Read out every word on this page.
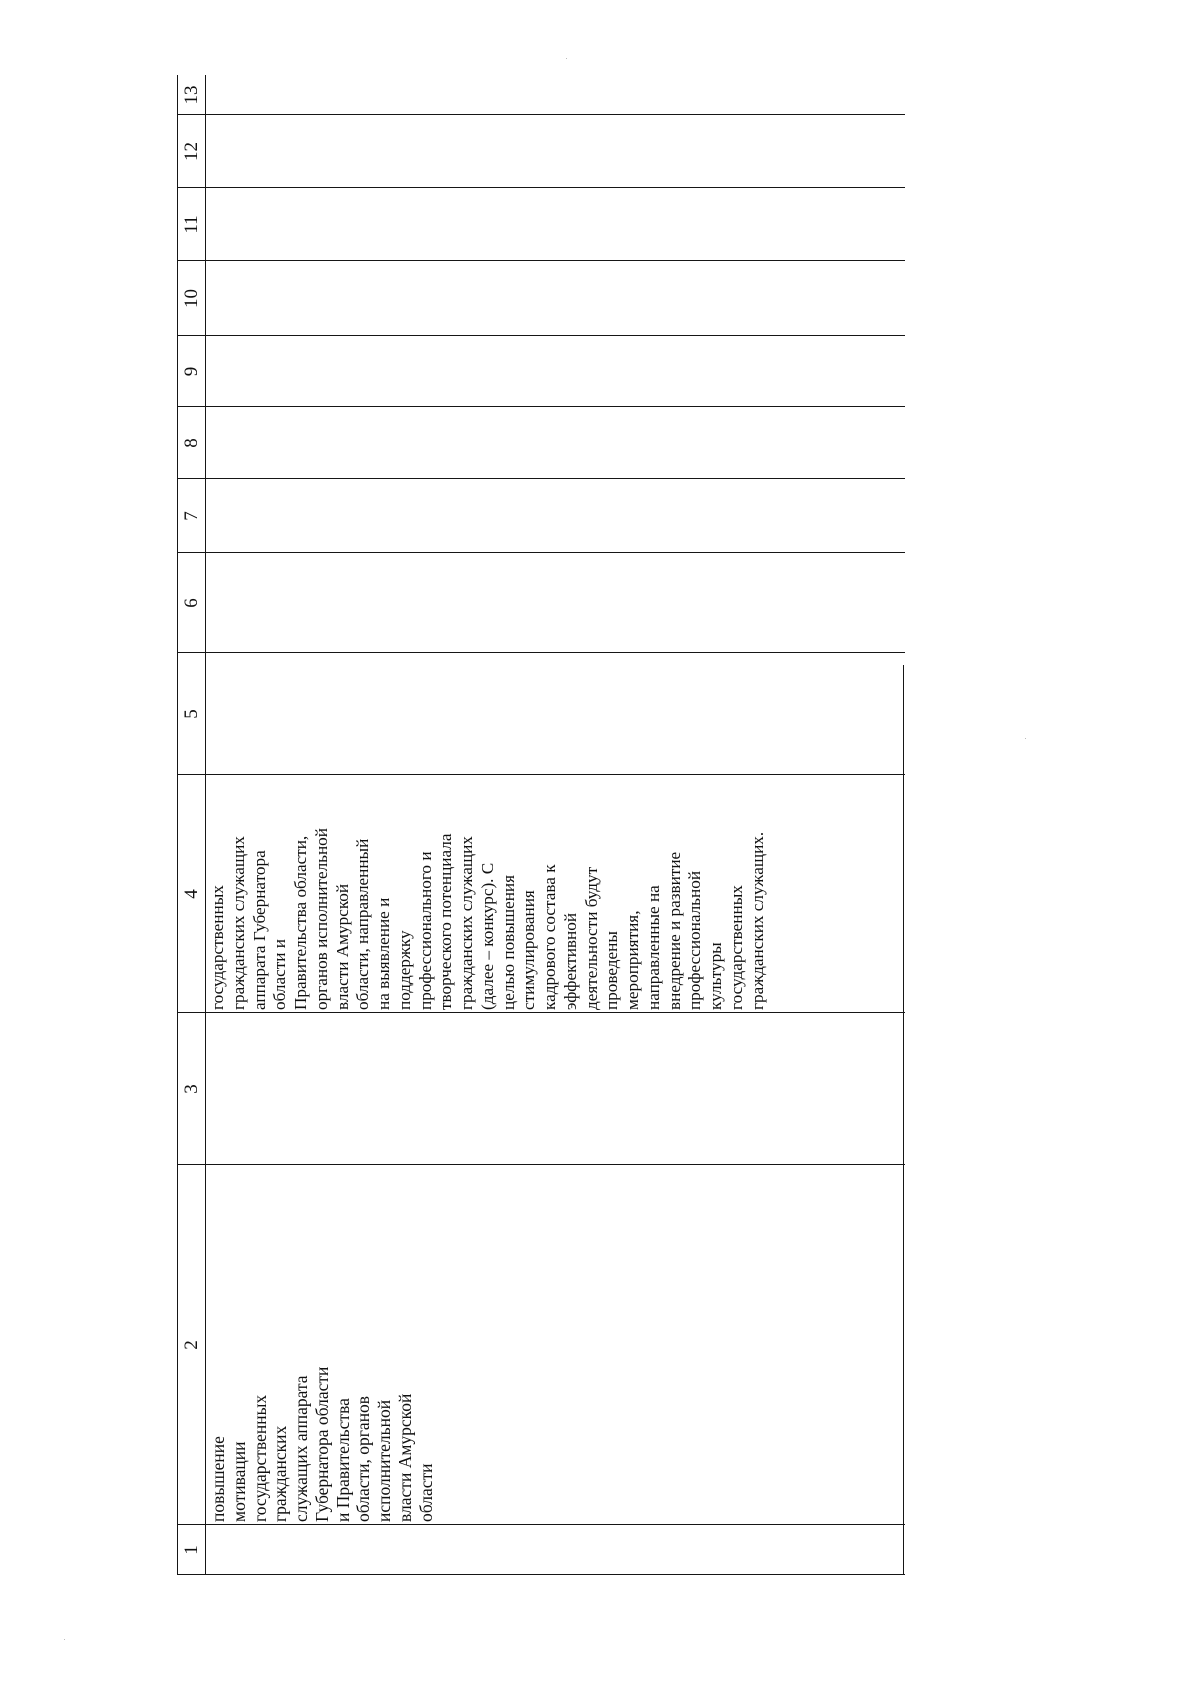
1
2
3
4
5
6
7
8
9
10
11
12
13
повышение мотивации государственных гражданских служащих аппарата Губернатора области и Правительства области, органов исполнительной власти Амурской области
государственных гражданских служащих аппарата Губернатора области и Правительства области, органов исполнительной власти Амурской области, направленный на выявление и поддержку профессионального и творческого потенциала гражданских служащих (далее – конкурс). С целью повышения стимулирования кадрового состава к эффективной деятельности будут проведены мероприятия, направленные на внедрение и развитие профессиональной культуры государственных гражданских служащих.
